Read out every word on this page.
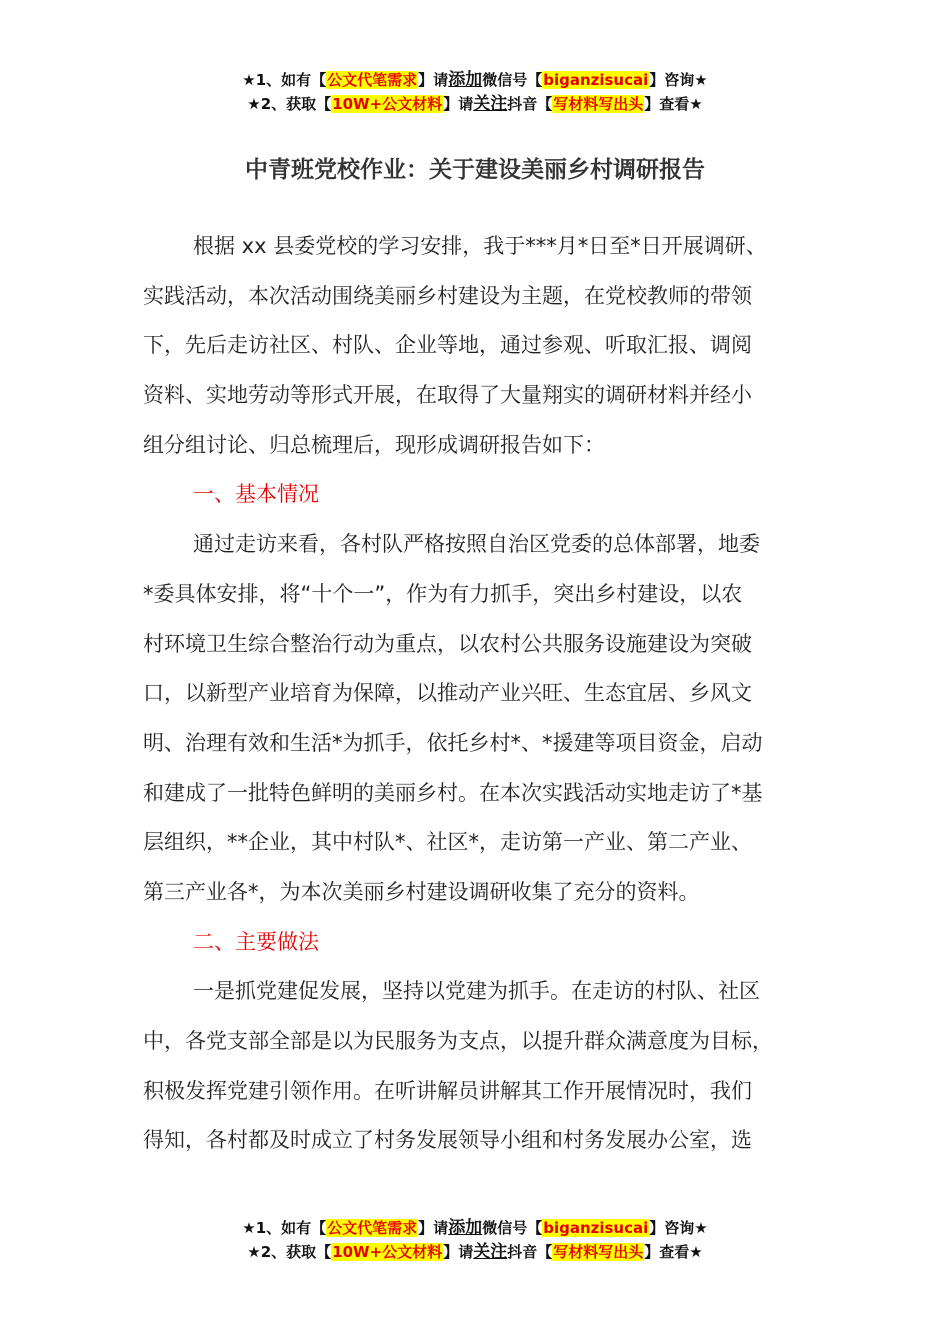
★1、如有【公文代笔需求】请添加微信号【biganzisucai】咨询★
★2、获取【10W+公文材料】请关注抖音【写材料写出头】查看★
中青班党校作业：关于建设美丽乡村调研报告
根据 xx 县委党校的学习安排，我于***月*日至*日开展调研、
实践活动，本次活动围绕美丽乡村建设为主题，在党校教师的带领
下，先后走访社区、村队、企业等地，通过参观、听取汇报、调阅
资料、实地劳动等形式开展，在取得了大量翔实的调研材料并经小
组分组讨论、归总梳理后，现形成调研报告如下：
一、基本情况
通过走访来看，各村队严格按照自治区党委的总体部署，地委
*委具体安排，将“十个一”，作为有力抓手，突出乡村建设，以农
村环境卫生综合整治行动为重点，以农村公共服务设施建设为突破
口，以新型产业培育为保障，以推动产业兴旺、生态宜居、乡风文
明、治理有效和生活*为抓手，依托乡村*、*援建等项目资金，启动
和建成了一批特色鲜明的美丽乡村。在本次实践活动实地走访了*基
层组织，**企业，其中村队*、社区*，走访第一产业、第二产业、
第三产业各*，为本次美丽乡村建设调研收集了充分的资料。
二、主要做法
一是抓党建促发展，坚持以党建为抓手。在走访的村队、社区
中，各党支部全部是以为民服务为支点，以提升群众满意度为目标，
积极发挥党建引领作用。在听讲解员讲解其工作开展情况时，我们
得知，各村都及时成立了村务发展领导小组和村务发展办公室，选
★1、如有【公文代笔需求】请添加微信号【biganzisucai】咨询★
★2、获取【10W+公文材料】请关注抖音【写材料写出头】查看★
